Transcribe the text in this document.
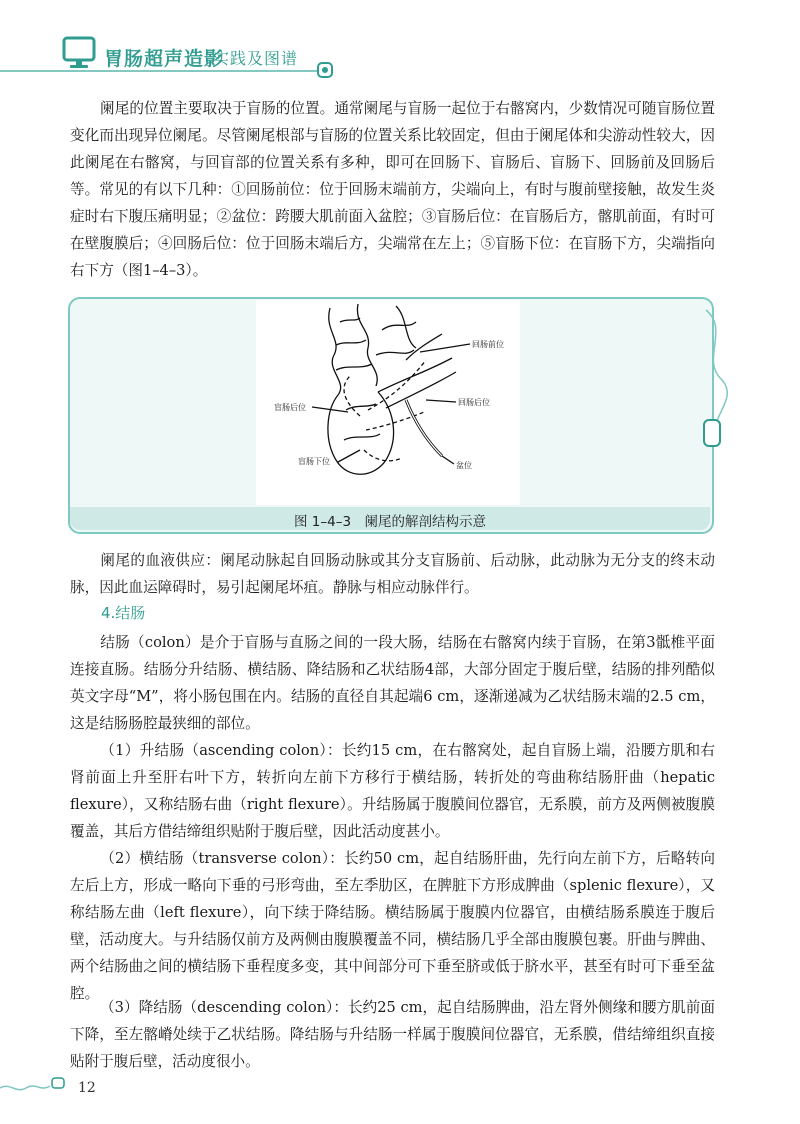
胃肠超声造影
实践及图谱
阑尾的位置主要取决于盲肠的位置。通常阑尾与盲肠一起位于右髂窝内，少数情况可随盲肠位置变化而出现异位阑尾。尽管阑尾根部与盲肠的位置关系比较固定，但由于阑尾体和尖游动性较大，因此阑尾在右髂窝，与回盲部的位置关系有多种，即可在回肠下、盲肠后、盲肠下、回肠前及回肠后等。常见的有以下几种：①回肠前位：位于回肠末端前方，尖端向上，有时与腹前壁接触，故发生炎症时右下腹压痛明显；②盆位：跨腰大肌前面入盆腔；③盲肠后位：在盲肠后方，髂肌前面，有时可在壁腹膜后；④回肠后位：位于回肠末端后方，尖端常在左上；⑤盲肠下位：在盲肠下方，尖端指向右下方（图1–4–3）。
回肠前位
回肠后位
盲肠后位
盲肠下位	盆位
图 1–4–3　阑尾的解剖结构示意
阑尾的血液供应：阑尾动脉起自回肠动脉或其分支盲肠前、后动脉，此动脉为无分支的终末动脉，因此血运障碍时，易引起阑尾坏疽。静脉与相应动脉伴行。
4.结肠
结肠（colon）是介于盲肠与直肠之间的一段大肠，结肠在右髂窝内续于盲肠，在第3骶椎平面连接直肠。结肠分升结肠、横结肠、降结肠和乙状结肠4部，大部分固定于腹后壁，结肠的排列酷似英文字母“M”，将小肠包围在内。结肠的直径自其起端6 cm，逐渐递减为乙状结肠末端的2.5 cm，这是结肠肠腔最狭细的部位。
（1）升结肠（ascending colon）：长约15 cm，在右髂窝处，起自盲肠上端，沿腰方肌和右肾前面上升至肝右叶下方，转折向左前下方移行于横结肠，转折处的弯曲称结肠肝曲（hepatic flexure），又称结肠右曲（right flexure）。升结肠属于腹膜间位器官，无系膜，前方及两侧被腹膜覆盖，其后方借结缔组织贴附于腹后壁，因此活动度甚小。
（2）横结肠（transverse colon）：长约50 cm，起自结肠肝曲，先行向左前下方，后略转向左后上方，形成一略向下垂的弓形弯曲，至左季肋区，在脾脏下方形成脾曲（splenic flexure），又称结肠左曲（left flexure），向下续于降结肠。横结肠属于腹膜内位器官，由横结肠系膜连于腹后壁，活动度大。与升结肠仅前方及两侧由腹膜覆盖不同，横结肠几乎全部由腹膜包裹。肝曲与脾曲、两个结肠曲之间的横结肠下垂程度多变，其中间部分可下垂至脐或低于脐水平，甚至有时可下垂至盆腔。
（3）降结肠（descending colon）：长约25 cm，起自结肠脾曲，沿左肾外侧缘和腰方肌前面下降，至左髂嵴处续于乙状结肠。降结肠与升结肠一样属于腹膜间位器官，无系膜，借结缔组织直接贴附于腹后壁，活动度很小。
12
